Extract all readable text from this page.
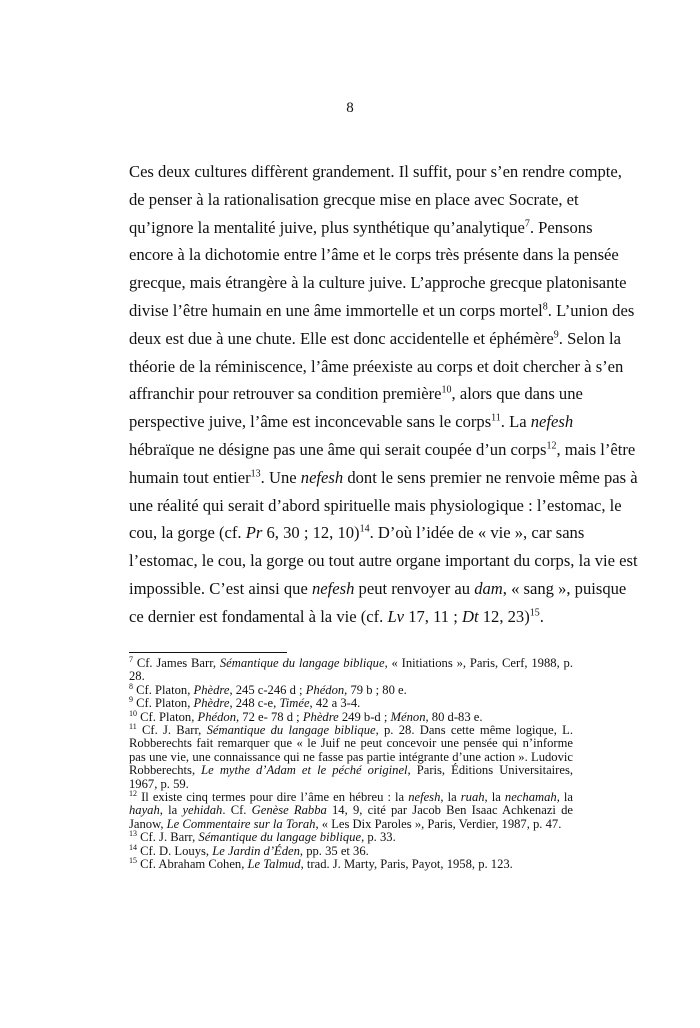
8
Ces deux cultures diffèrent grandement. Il suffit, pour s’en rendre compte,
de penser à la rationalisation grecque mise en place avec Socrate, et
qu’ignore la mentalité juive, plus synthétique qu’analytique$^7$. Pensons
encore à la dichotomie entre l’âme et le corps très présente dans la pensée
grecque, mais étrangère à la culture juive. L’approche grecque platonisante
divise l’être humain en une âme immortelle et un corps mortel$^8$. L’union des
deux est due à une chute. Elle est donc accidentelle et éphémère$^9$. Selon la
théorie de la réminiscence, l’âme préexiste au corps et doit chercher à s’en
affranchir pour retrouver sa condition première$^{10}$, alors que dans une
perspective juive, l’âme est inconcevable sans le corps$^{11}$. La nefesh
hébraïque ne désigne pas une âme qui serait coupée d’un corps$^{12}$, mais l’être
humain tout entier$^{13}$. Une nefesh dont le sens premier ne renvoie même pas à
une réalité qui serait d’abord spirituelle mais physiologique : l’estomac, le
cou, la gorge (cf. Pr 6, 30 ; 12, 10)$^{14}$. D’où l’idée de « vie », car sans
l’estomac, le cou, la gorge ou tout autre organe important du corps, la vie est
impossible. C’est ainsi que nefesh peut renvoyer au dam, « sang », puisque
ce dernier est fondamental à la vie (cf. Lv 17, 11 ; Dt 12, 23)$^{15}$.

$^7$ Cf. James Barr, Sémantique du langage biblique, « Initiations », Paris, Cerf, 1988, p. 28.

$^8$ Cf. Platon, Phèdre, 245 c-246 d ; Phédon, 79 b ; 80 e.

$^9$ Cf. Platon, Phèdre, 248 c-e, Timée, 42 a 3-4.

$^{10}$ Cf. Platon, Phédon, 72 e- 78 d ; Phèdre 249 b-d ; Ménon, 80 d-83 e.

$^{11}$ Cf. J. Barr, Sémantique du langage biblique, p. 28. Dans cette même logique, L. Robberechts fait remarquer que « le Juif ne peut concevoir une pensée qui n’informe pas une vie, une connaissance qui ne fasse pas partie intégrante d’une action ». Ludovic Robberechts, Le mythe d’Adam et le péché originel, Paris, Éditions Universitaires, 1967, p. 59.

$^{12}$ Il existe cinq termes pour dire l’âme en hébreu : la nefesh, la ruah, la nechamah, la hayah, la yehidah. Cf. Genèse Rabba 14, 9, cité par Jacob Ben Isaac Achkenazi de Janow, Le Commentaire sur la Torah, « Les Dix Paroles », Paris, Verdier, 1987, p. 47.

$^{13}$ Cf. J. Barr, Sémantique du langage biblique, p. 33.

$^{14}$ Cf. D. Louys, Le Jardin d’Éden, pp. 35 et 36.

$^{15}$ Cf. Abraham Cohen, Le Talmud, trad. J. Marty, Paris, Payot, 1958, p. 123.
